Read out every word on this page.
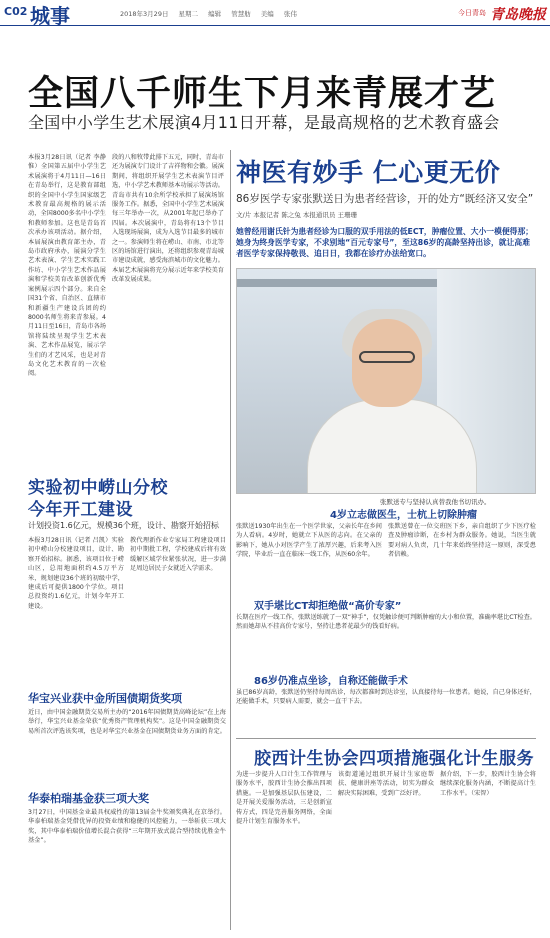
C02 城事	2018年3月29日 星期二 编辑 管慧舫 美编 张伟	今日青岛 青岛晚报
全国八千师生下月来青展才艺
全国中小学生艺术展演4月11日开幕，是最高规格的艺术教育盛会
本报3月28日讯（记者 李静惟）全国第五届中小学生艺术展演将于4月11日—16日在青岛举行，这是教育部组织的全国中小学生国家级艺术教育最高规格的展示活动，全国8000多名中小学生和教师参加。这也是青岛首次承办该项活动。据介绍，本届展演由教育部主办，青岛市政府承办，展演分学生艺术表演、学生艺术实践工作坊、中小学生艺术作品展演和学校美育改革创新优秀案例展示四个部分。来自全国31个省、自治区、直辖市和新疆生产建设兵团的约8000名师生将来青参展。4月11日至16日，青岛市各场馆将陆续呈现学生艺术表演、艺术作品展览，展示学生们的才艺风采，也是对青岛文化艺术教育的一次检阅。
段的八和牧带此排下五元，同时，青岛市还为展演专门设计了吉祥物和会徽。展演期间，将组织开展学生艺术表演节目评选，中小学艺术教师基本功展示等活动。青岛市共有10余所学校承担了展演场馆服务工作。据悉，全国中小学生艺术展演每三年举办一次，从2001年起已举办了四届。本次展演中，青岛将有13个节目入选现场展演，成为入选节目最多的城市之一。参演师生将在崂山、市南、市北等区的场馆进行演出，还将组织参观青岛城市建设成就，感受海滨城市的文化魅力。本届艺术展演将充分展示近年来学校美育改革发展成果。
神医有妙手 仁心更无价
86岁医学专家张默送日为患者经营诊，开的处方“既经济又安全”
文/片 本报记者 陈之兔 本报通讯员 王珊珊
她曾经用谢氏针为患者经诊为口服的双手用法的低ECT，肿瘤位置、大小一模便得那；她身为终身医学专家，不求别地“百元专家号”，至这86岁的高龄坚持出诊，就让高难者医学专家保持敬畏、追日日，我都在诊疗办法给宽口。
张默送专与坚持认真替我他书切讯办。
4岁立志做医生，士杭上切除肿瘤
张默送1930年出生在一个医学世家，父亲长年在乡间为人看病。4岁时，她就立下从医的志向。在父亲的影响下，她从小对医学产生了浓厚兴趣，后来考入医学院，毕业后一直在临床一线工作，从医60余年。
张默送曾在一位交班医下乡，亲自组织了少下医疗检查及肿瘤诊断，在乡村为群众服务。她说，当医生就要对病人负责，几十年来始终坚持这一原则，深受患者信赖。
双手堪比CT却拒绝做“高价专家”
长期在医疗一线工作，张默送练就了一双“神手”，仅凭触诊便可判断肿瘤的大小和位置，准确率堪比CT检查。然而她却从不挂高价专家号，坚持让患者花最少的钱看好病。
86岁仍准点坐诊，自称还能做手术
虽已86岁高龄，张默送仍坚持每周出诊，每次都准时到达诊室，认真接待每一位患者。她说，自己身体还好，还能做手术，只要病人需要，就会一直干下去。
实验初中崂山分校
今年开工建设
计划投资1.6亿元，规模36个班，设计、勘察开始招标
本报3月28日讯（记者 吕凯）实验初中崂山分校建设项目，设计、勘察开始招标。据悉，该项目位于崂山区，总用地面积约4.5万平方米，规划建设36个班的初级中学，建成后可提供1800个学位。项目总投资约1.6亿元，计划今年开工建设。
教代理新作业专家局工程建设项目初中期批工程，学校建成后将有效缓解区域学位紧张状况，进一步满足周边居民子女就近入学需求。
华宝兴业获中金所国债期货奖项
近日，由中国金融期货交易所主办的“2016年国债期货高峰论坛”在上海举行，华宝兴业基金荣获“优秀资产管理机构奖”。这是中国金融期货交易所首次评选该奖项，也是对华宝兴业基金在国债期货业务方面的肯定。
华泰柏瑞基金获三项大奖
3月27日，中国基金业最具权威性的第13届金牛奖颁奖典礼在京举行。华泰柏瑞基金凭借优异的投资业绩和稳健的风控能力，一举斩获三项大奖，其中华泰柏瑞价值增长混合获得“三年期开放式混合型持续优胜金牛基金”。
胶西计生协会四项措施强化计生服务
为进一步提升人口计生工作管理与服务水平，胶西计生协会推出四项措施。一是加强基层队伍建设，二是开展关爱服务活动，三是创新宣传方式，四是完善服务网络，全面提升计划生育服务水平。
该街道通过组织开展计生家庭帮扶、健康讲座等活动，切实为群众解决实际困难，受到广泛好评。
据介绍，下一步，胶西计生协会将继续深化服务内涵，不断提高计生工作水平。（宋智）
